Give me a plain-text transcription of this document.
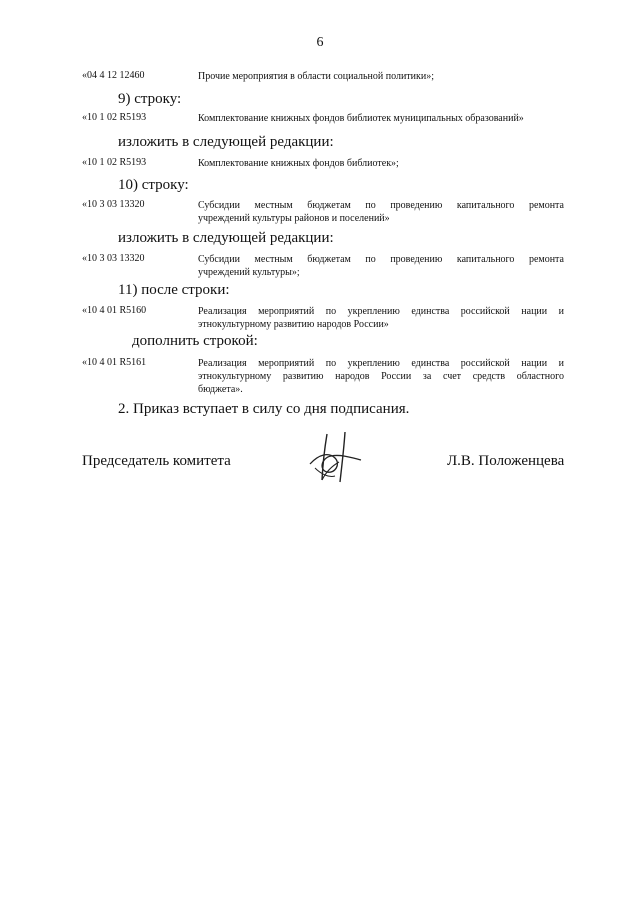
6
«04 4 12 12460	Прочие мероприятия в области социальной политики»;
9) строку:
«10 1 02 R5193	Комплектование книжных фондов библиотек муниципальных образований»
изложить в следующей редакции:
«10 1 02 R5193	Комплектование книжных фондов библиотек»;
10) строку:
«10 3 03 13320	Субсидии местным бюджетам по проведению капитального ремонта
учреждений культуры районов и поселений»
изложить в следующей редакции:
«10 3 03 13320	Субсидии местным бюджетам по проведению капитального ремонта
учреждений культуры»;
11) после строки:
«10 4 01 R5160	Реализация мероприятий по укреплению единства российской нации и
этнокультурному развитию народов России»
дополнить строкой:
«10 4 01 R5161	Реализация мероприятий по укреплению единства российской нации и
этнокультурному развитию народов России за счет средств областного
бюджета».
2. Приказ вступает в силу со дня подписания.
Председатель комитета	Л.В. Положенцева
